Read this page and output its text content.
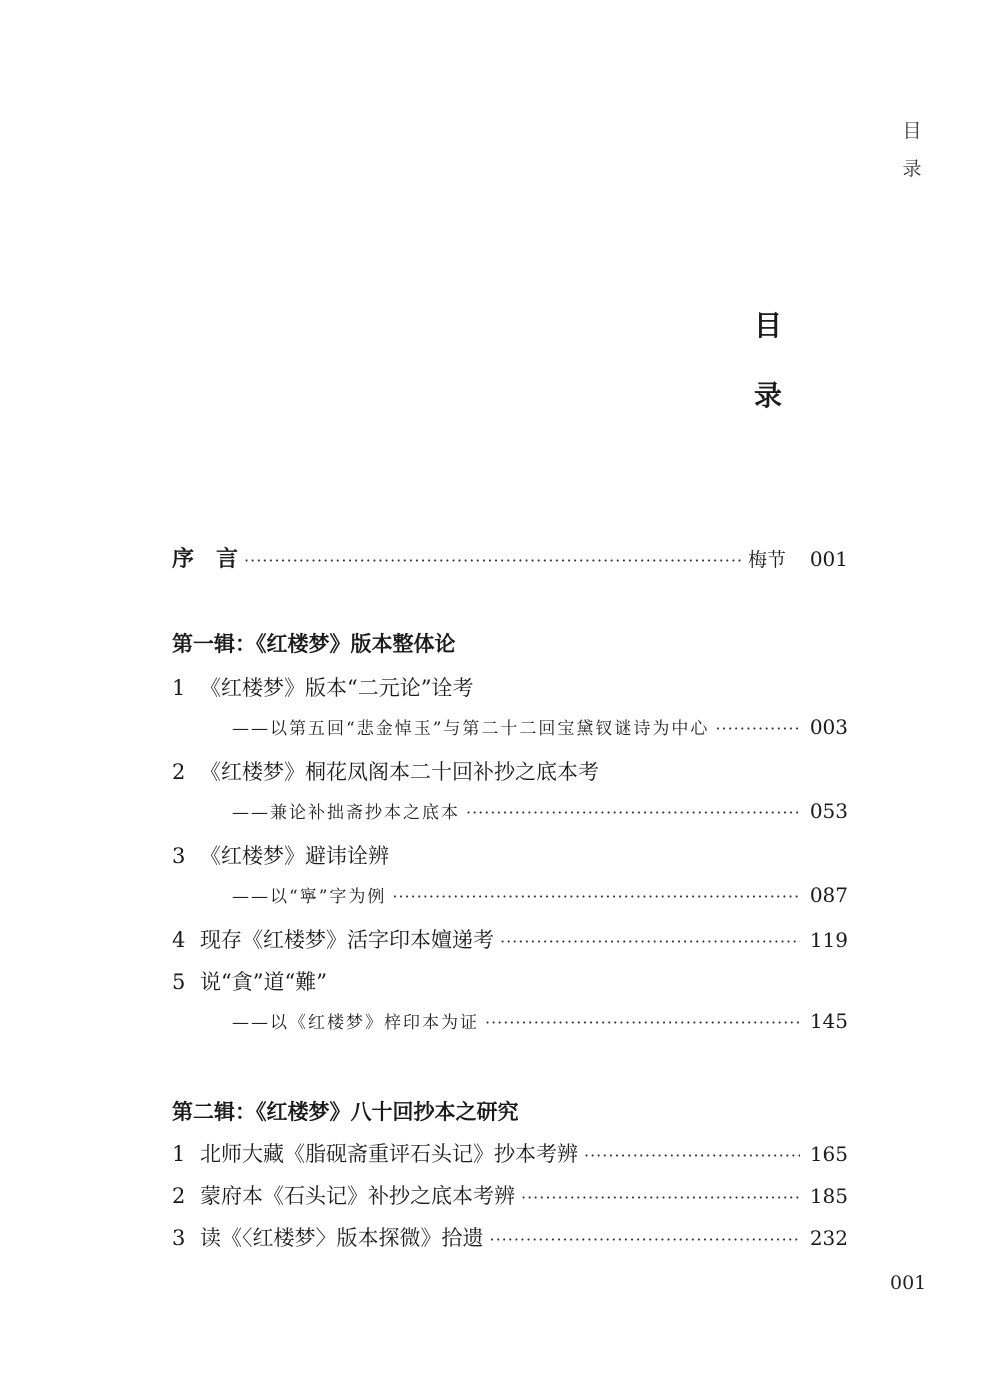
目
录
目
录
序　言 ·····	梅节 001
第一辑：《红楼梦》版本整体论
1 《红楼梦》版本“二元论”诠考
——以第五回“悲金悼玉”与第二十二回宝黛钗谜诗为中心 ·····	003
2 《红楼梦》桐花凤阁本二十回补抄之底本考
——兼论补拙斋抄本之底本 ·····	053
3 《红楼梦》避讳诠辨
——以“寧”字为例 ·····	087
4 现存《红楼梦》活字印本嬗递考 ·····	119
5 说“貪”道“難”
——以《红楼梦》梓印本为证 ·····	145
第二辑：《红楼梦》八十回抄本之研究
1 北师大藏《脂砚斋重评石头记》抄本考辨 ·····	165
2 蒙府本《石头记》补抄之底本考辨 ·····	185
3 读《〈红楼梦〉版本探微》拾遗 ·····	232
001
